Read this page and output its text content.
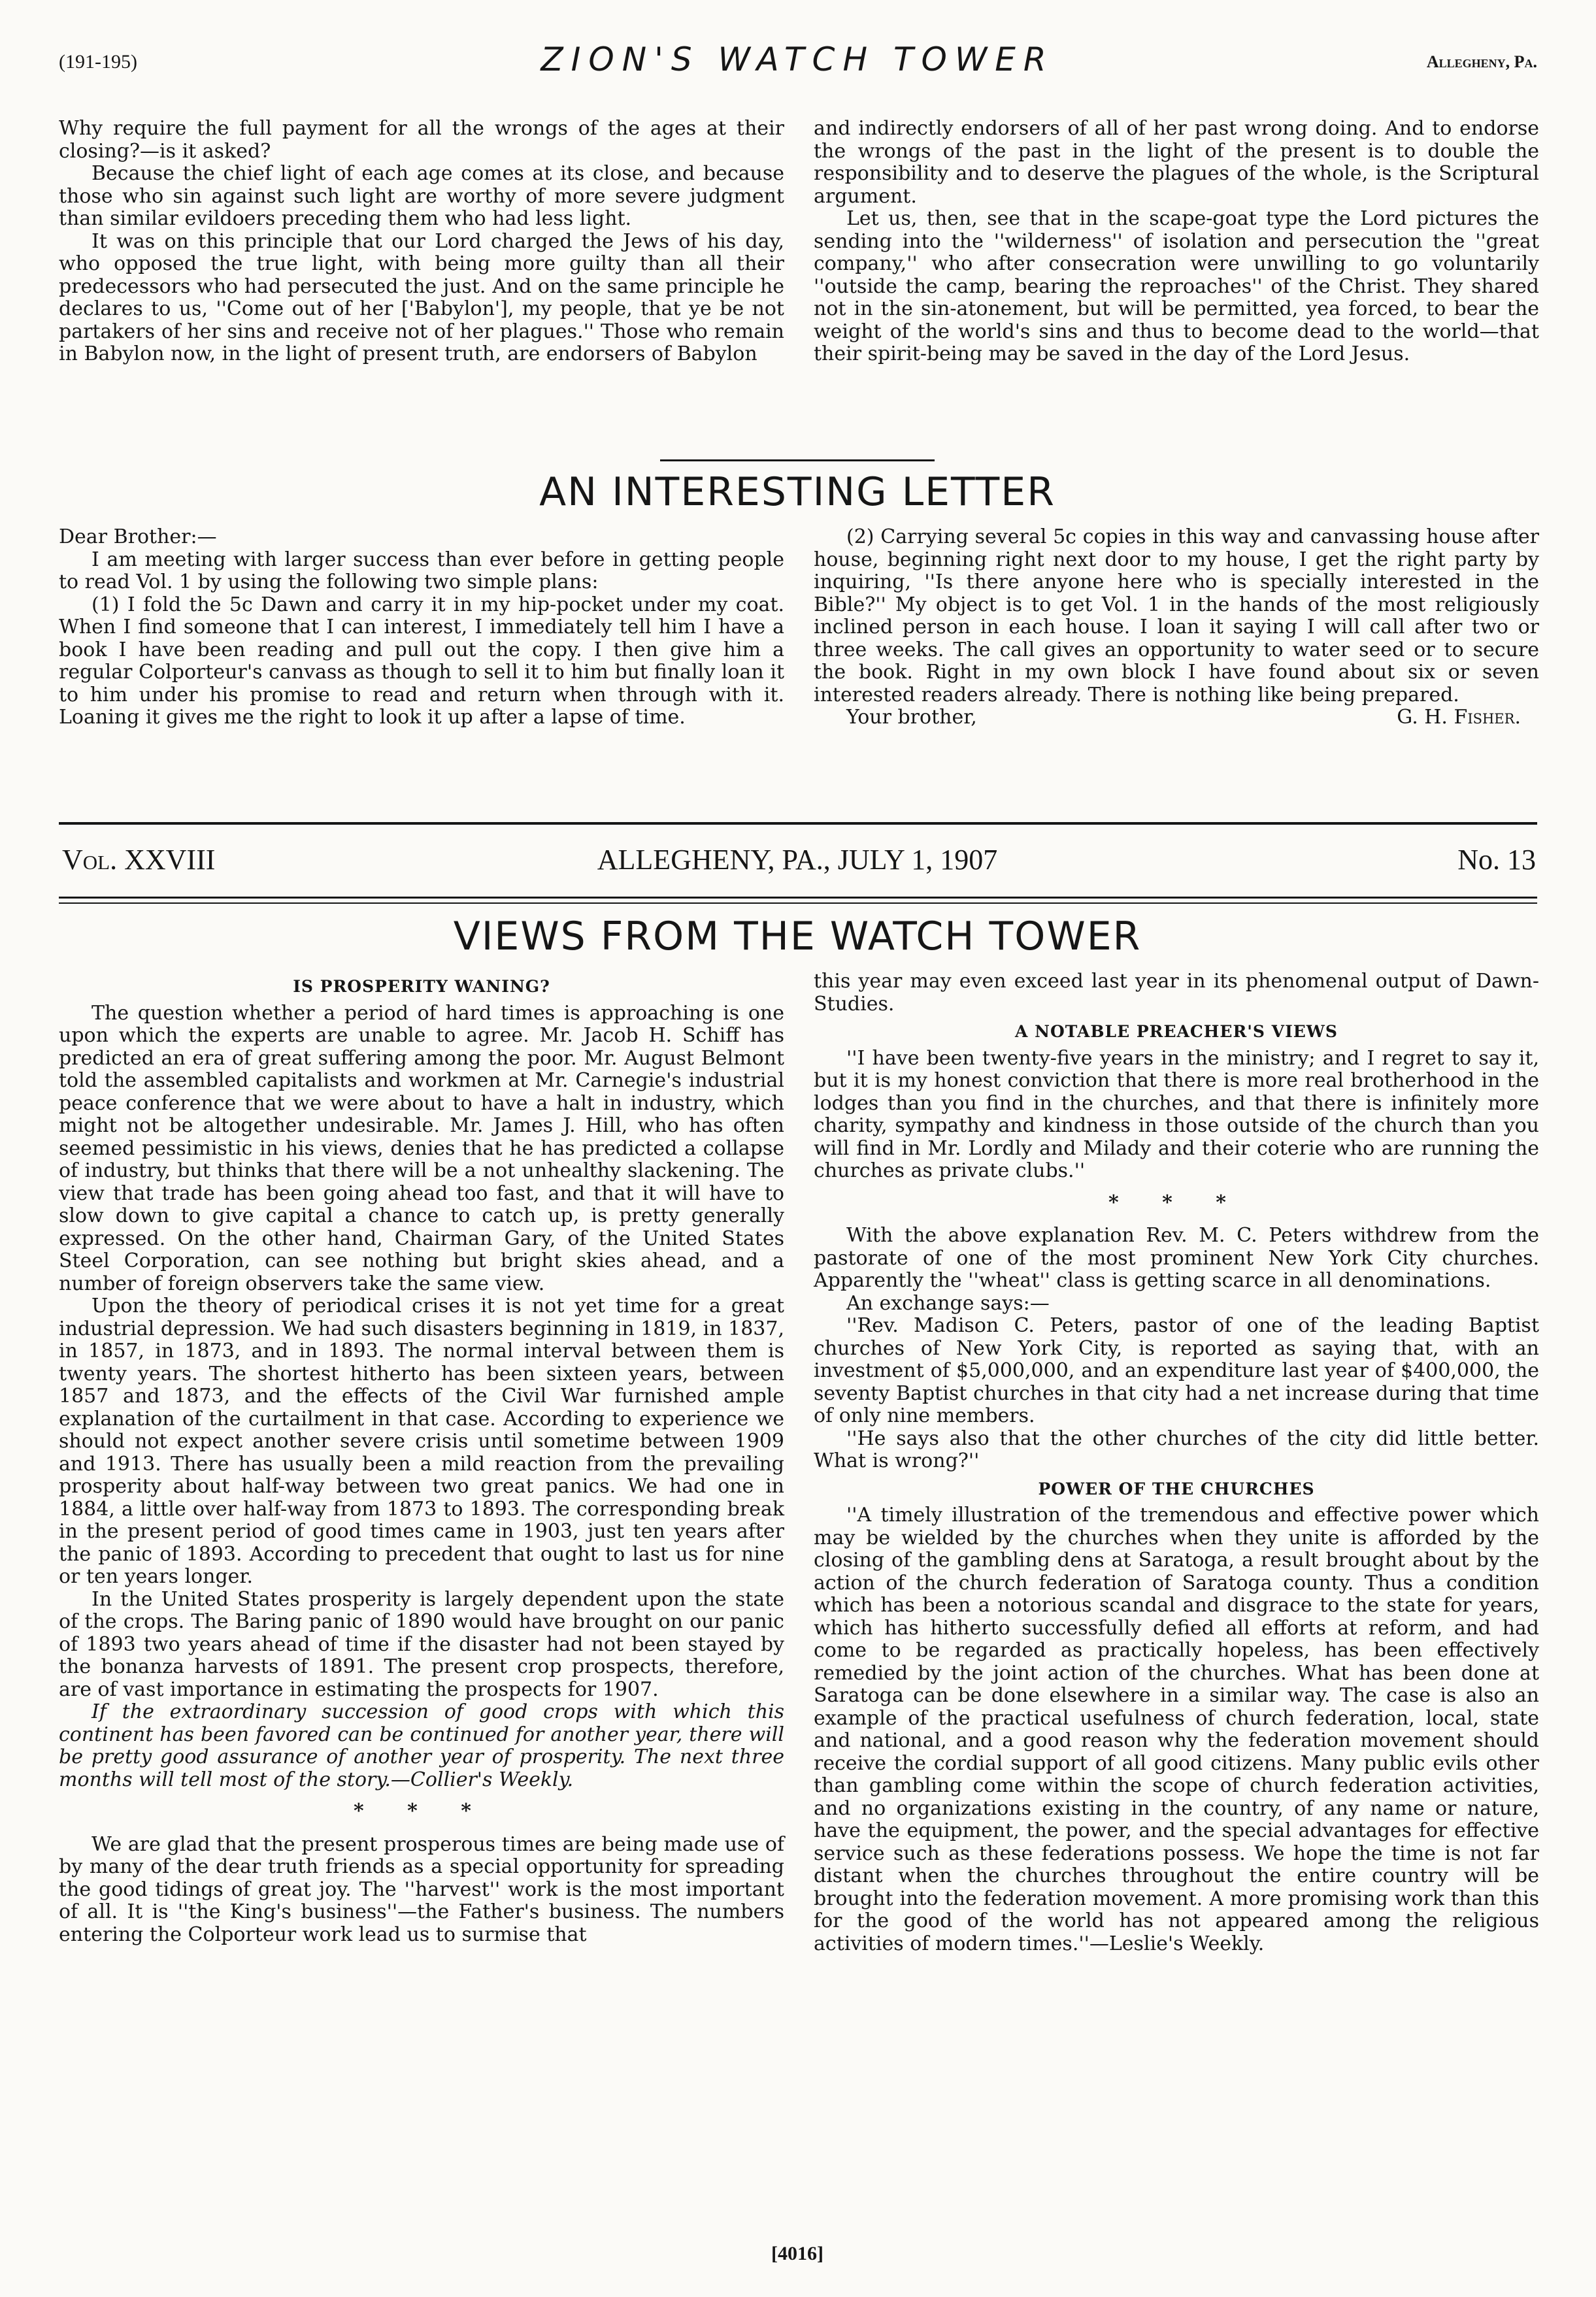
(191-195)	ZION'S WATCH TOWER	Allegheny, Pa.

Why require the full payment for all the wrongs of the ages at their closing?—is it asked?

Because the chief light of each age comes at its close, and because those who sin against such light are worthy of more severe judgment than similar evildoers preceding them who had less light.

It was on this principle that our Lord charged the Jews of his day, who opposed the true light, with being more guilty than all their predecessors who had persecuted the just. And on the same principle he declares to us, ''Come out of her ['Babylon'], my people, that ye be not partakers of her sins and receive not of her plagues.'' Those who remain in Babylon now, in the light of present truth, are endorsers of Babylon

and indirectly endorsers of all of her past wrong doing. And to endorse the wrongs of the past in the light of the present is to double the responsibility and to deserve the plagues of the whole, is the Scriptural argument.

Let us, then, see that in the scape-goat type the Lord pictures the sending into the ''wilderness'' of isolation and persecution the ''great company,'' who after consecration were unwilling to go voluntarily ''outside the camp, bearing the reproaches'' of the Christ. They shared not in the sin-atonement, but will be permitted, yea forced, to bear the weight of the world's sins and thus to become dead to the world—that their spirit-being may be saved in the day of the Lord Jesus.

AN INTERESTING LETTER

Dear Brother:—

I am meeting with larger success than ever before in getting people to read Vol. 1 by using the following two simple plans:

(1) I fold the 5c Dawn and carry it in my hip-pocket under my coat. When I find someone that I can interest, I immediately tell him I have a book I have been reading and pull out the copy. I then give him a regular Colporteur's canvass as though to sell it to him but finally loan it to him under his promise to read and return when through with it. Loaning it gives me the right to look it up after a lapse of time.

(2) Carrying several 5c copies in this way and canvassing house after house, beginning right next door to my house, I get the right party by inquiring, ''Is there anyone here who is specially interested in the Bible?'' My object is to get Vol. 1 in the hands of the most religiously inclined person in each house. I loan it saying I will call after two or three weeks. The call gives an opportunity to water seed or to secure the book. Right in my own block I have found about six or seven interested readers already. There is nothing like being prepared.

Your brother,	G. H. Fisher.
Vol. XXVIII	ALLEGHENY, PA., JULY 1, 1907	No. 13
VIEWS FROM THE WATCH TOWER
IS PROSPERITY WANING?

The question whether a period of hard times is approaching is one upon which the experts are unable to agree. Mr. Jacob H. Schiff has predicted an era of great suffering among the poor. Mr. August Belmont told the assembled capitalists and workmen at Mr. Carnegie's industrial peace conference that we were about to have a halt in industry, which might not be altogether undesirable. Mr. James J. Hill, who has often seemed pessimistic in his views, denies that he has predicted a collapse of industry, but thinks that there will be a not unhealthy slackening. The view that trade has been going ahead too fast, and that it will have to slow down to give capital a chance to catch up, is pretty generally expressed. On the other hand, Chairman Gary, of the United States Steel Corporation, can see nothing but bright skies ahead, and a number of foreign observers take the same view.

Upon the theory of periodical crises it is not yet time for a great industrial depression. We had such disasters beginning in 1819, in 1837, in 1857, in 1873, and in 1893. The normal interval between them is twenty years. The shortest hitherto has been sixteen years, between 1857 and 1873, and the effects of the Civil War furnished ample explanation of the curtailment in that case. According to experience we should not expect another severe crisis until sometime between 1909 and 1913. There has usually been a mild reaction from the prevailing prosperity about half-way between two great panics. We had one in 1884, a little over half-way from 1873 to 1893. The corresponding break in the present period of good times came in 1903, just ten years after the panic of 1893. According to precedent that ought to last us for nine or ten years longer.

In the United States prosperity is largely dependent upon the state of the crops. The Baring panic of 1890 would have brought on our panic of 1893 two years ahead of time if the disaster had not been stayed by the bonanza harvests of 1891. The present crop prospects, therefore, are of vast importance in estimating the prospects for 1907.

If the extraordinary succession of good crops with which this continent has been favored can be continued for another year, there will be pretty good assurance of another year of prosperity. The next three months will tell most of the story.—Collier's Weekly.

* * *

We are glad that the present prosperous times are being made use of by many of the dear truth friends as a special opportunity for spreading the good tidings of great joy. The ''harvest'' work is the most important of all. It is ''the King's business''—the Father's business. The numbers entering the Colporteur work lead us to surmise that

this year may even exceed last year in its phenomenal output of Dawn-Studies.

A NOTABLE PREACHER'S VIEWS

''I have been twenty-five years in the ministry; and I regret to say it, but it is my honest conviction that there is more real brotherhood in the lodges than you find in the churches, and that there is infinitely more charity, sympathy and kindness in those outside of the church than you will find in Mr. Lordly and Milady and their coterie who are running the churches as private clubs.''

* * *

With the above explanation Rev. M. C. Peters withdrew from the pastorate of one of the most prominent New York City churches. Apparently the ''wheat'' class is getting scarce in all denominations.

An exchange says:—

''Rev. Madison C. Peters, pastor of one of the leading Baptist churches of New York City, is reported as saying that, with an investment of $5,000,000, and an expenditure last year of $400,000, the seventy Baptist churches in that city had a net increase during that time of only nine members.

''He says also that the other churches of the city did little better. What is wrong?''

POWER OF THE CHURCHES

''A timely illustration of the tremendous and effective power which may be wielded by the churches when they unite is afforded by the closing of the gambling dens at Saratoga, a result brought about by the action of the church federation of Saratoga county. Thus a condition which has been a notorious scandal and disgrace to the state for years, which has hitherto successfully defied all efforts at reform, and had come to be regarded as practically hopeless, has been effectively remedied by the joint action of the churches. What has been done at Saratoga can be done elsewhere in a similar way. The case is also an example of the practical usefulness of church federation, local, state and national, and a good reason why the federation movement should receive the cordial support of all good citizens. Many public evils other than gambling come within the scope of church federation activities, and no organizations existing in the country, of any name or nature, have the equipment, the power, and the special advantages for effective service such as these federations possess. We hope the time is not far distant when the churches throughout the entire country will be brought into the federation movement. A more promising work than this for the good of the world has not appeared among the religious activities of modern times.''—Leslie's Weekly.

[4016]
